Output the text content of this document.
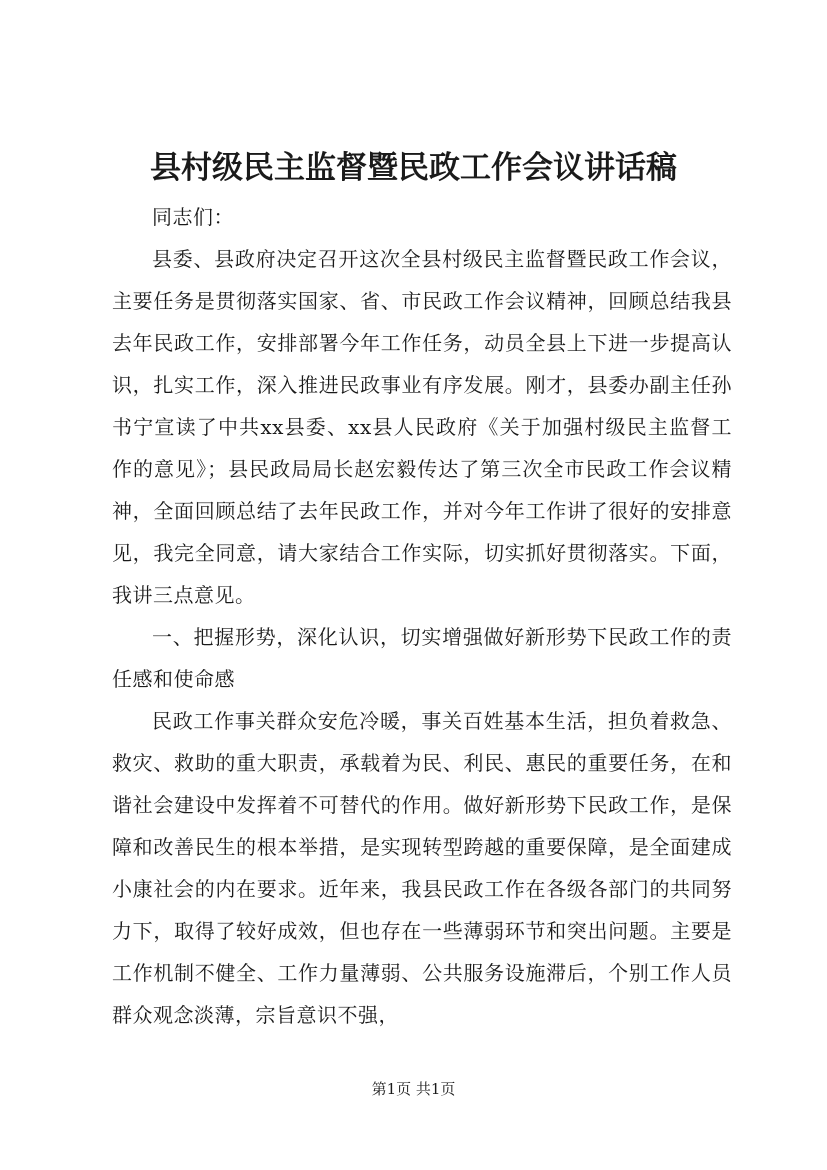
县村级民主监督暨民政工作会议讲话稿

同志们：

县委、县政府决定召开这次全县村级民主监督暨民政工作会议，主要任务是贯彻落实国家、省、市民政工作会议精神，回顾总结我县去年民政工作，安排部署今年工作任务，动员全县上下进一步提高认识，扎实工作，深入推进民政事业有序发展。刚才，县委办副主任孙书宁宣读了中共xx县委、xx县人民政府《关于加强村级民主监督工作的意见》；县民政局局长赵宏毅传达了第三次全市民政工作会议精神，全面回顾总结了去年民政工作，并对今年工作讲了很好的安排意见，我完全同意，请大家结合工作实际，切实抓好贯彻落实。下面，我讲三点意见。

一、把握形势，深化认识，切实增强做好新形势下民政工作的责任感和使命感

民政工作事关群众安危冷暖，事关百姓基本生活，担负着救急、救灾、救助的重大职责，承载着为民、利民、惠民的重要任务，在和谐社会建设中发挥着不可替代的作用。做好新形势下民政工作，是保障和改善民生的根本举措，是实现转型跨越的重要保障，是全面建成小康社会的内在要求。近年来，我县民政工作在各级各部门的共同努力下，取得了较好成效，但也存在一些薄弱环节和突出问题。主要是工作机制不健全、工作力量薄弱、公共服务设施滞后，个别工作人员群众观念淡薄，宗旨意识不强，

第1页 共1页
